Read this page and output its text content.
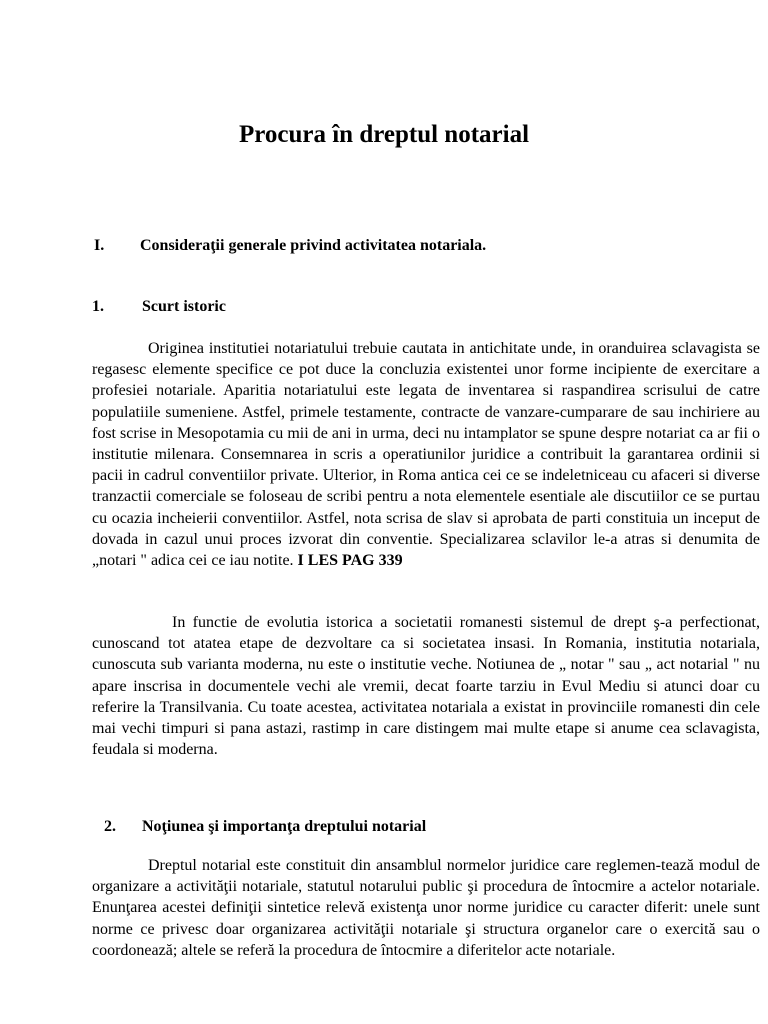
Procura în dreptul notarial
I. Consideraţii generale privind activitatea notariala.
1. Scurt istoric

Originea institutiei notariatului trebuie cautata in antichitate unde, in oranduirea sclavagista se regasesc elemente specifice ce pot duce la concluzia existentei unor forme incipiente de exercitare a profesiei notariale. Aparitia notariatului este legata de inventarea si raspandirea scrisului de catre populatiile sumeniene. Astfel, primele testamente, contracte de vanzare-cumparare de sau inchiriere au fost scrise in Mesopotamia cu mii de ani in urma, deci nu intamplator se spune despre notariat ca ar fii o institutie milenara. Consemnarea in scris a operatiunilor juridice a contribuit la garantarea ordinii si pacii in cadrul conventiilor private. Ulterior, in Roma antica cei ce se indeletniceau cu afaceri si diverse tranzactii comerciale se foloseau de scribi pentru a nota elementele esentiale ale discutiilor ce se purtau cu ocazia incheierii conventiilor. Astfel, nota scrisa de slav si aprobata de parti constituia un inceput de dovada in cazul unui proces izvorat din conventie. Specializarea sclavilor le-a atras si denumita de „notari " adica cei ce iau notite. I LES PAG 339

In functie de evolutia istorica a societatii romanesti sistemul de drept ş-a perfectionat, cunoscand tot atatea etape de dezvoltare ca si societatea insasi. In Romania, institutia notariala, cunoscuta sub varianta moderna, nu este o institutie veche. Notiunea de „ notar " sau „ act notarial " nu apare inscrisa in documentele vechi ale vremii, decat foarte tarziu in Evul Mediu si atunci doar cu referire la Transilvania. Cu toate acestea, activitatea notariala a existat in provinciile romanesti din cele mai vechi timpuri si pana astazi, rastimp in care distingem mai multe etape si anume cea sclavagista, feudala si moderna.

2. Noţiunea şi importanţa dreptului notarial

Dreptul notarial este constituit din ansamblul normelor juridice care reglemen-tează modul de organizare a activităţii notariale, statutul notarului public şi procedura de întocmire a actelor notariale. Enunţarea acestei definiţii sintetice relevă existenţa unor norme juridice cu caracter diferit: unele sunt norme ce privesc doar organizarea activităţii notariale şi structura organelor care o exercită sau o coordonează; altele se referă la procedura de întocmire a diferitelor acte notariale.
